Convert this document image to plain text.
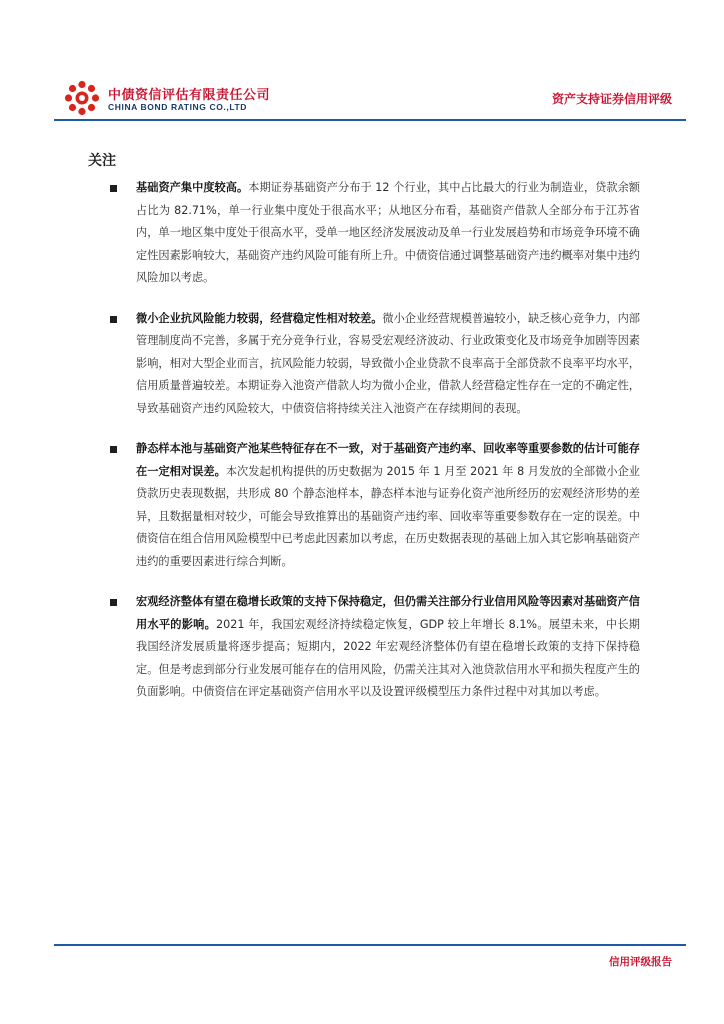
中债资信评估有限责任公司
CHINA BOND RATING CO.,LTD
资产支持证券信用评级
关注

基础资产集中度较高。本期证券基础资产分布于 12 个行业，其中占比最大的行业为制造业，贷款余额占比为 82.71%，单一行业集中度处于很高水平；从地区分布看，基础资产借款人全部分布于江苏省内，单一地区集中度处于很高水平，受单一地区经济发展波动及单一行业发展趋势和市场竞争环境不确定性因素影响较大，基础资产违约风险可能有所上升。中债资信通过调整基础资产违约概率对集中违约风险加以考虑。

微小企业抗风险能力较弱，经营稳定性相对较差。微小企业经营规模普遍较小，缺乏核心竞争力，内部管理制度尚不完善，多属于充分竞争行业，容易受宏观经济波动、行业政策变化及市场竞争加剧等因素影响，相对大型企业而言，抗风险能力较弱，导致微小企业贷款不良率高于全部贷款不良率平均水平，信用质量普遍较差。本期证券入池资产借款人均为微小企业，借款人经营稳定性存在一定的不确定性，导致基础资产违约风险较大，中债资信将持续关注入池资产在存续期间的表现。

静态样本池与基础资产池某些特征存在不一致，对于基础资产违约率、回收率等重要参数的估计可能存在一定相对误差。本次发起机构提供的历史数据为 2015 年 1 月至 2021 年 8 月发放的全部微小企业贷款历史表现数据，共形成 80 个静态池样本，静态样本池与证券化资产池所经历的宏观经济形势的差异，且数据量相对较少，可能会导致推算出的基础资产违约率、回收率等重要参数存在一定的误差。中债资信在组合信用风险模型中已考虑此因素加以考虑，在历史数据表现的基础上加入其它影响基础资产违约的重要因素进行综合判断。

宏观经济整体有望在稳增长政策的支持下保持稳定，但仍需关注部分行业信用风险等因素对基础资产信用水平的影响。2021 年，我国宏观经济持续稳定恢复，GDP 较上年增长 8.1%。展望未来，中长期我国经济发展质量将逐步提高；短期内，2022 年宏观经济整体仍有望在稳增长政策的支持下保持稳定。但是考虑到部分行业发展可能存在的信用风险，仍需关注其对入池贷款信用水平和损失程度产生的负面影响。中债资信在评定基础资产信用水平以及设置评级模型压力条件过程中对其加以考虑。

信用评级报告
